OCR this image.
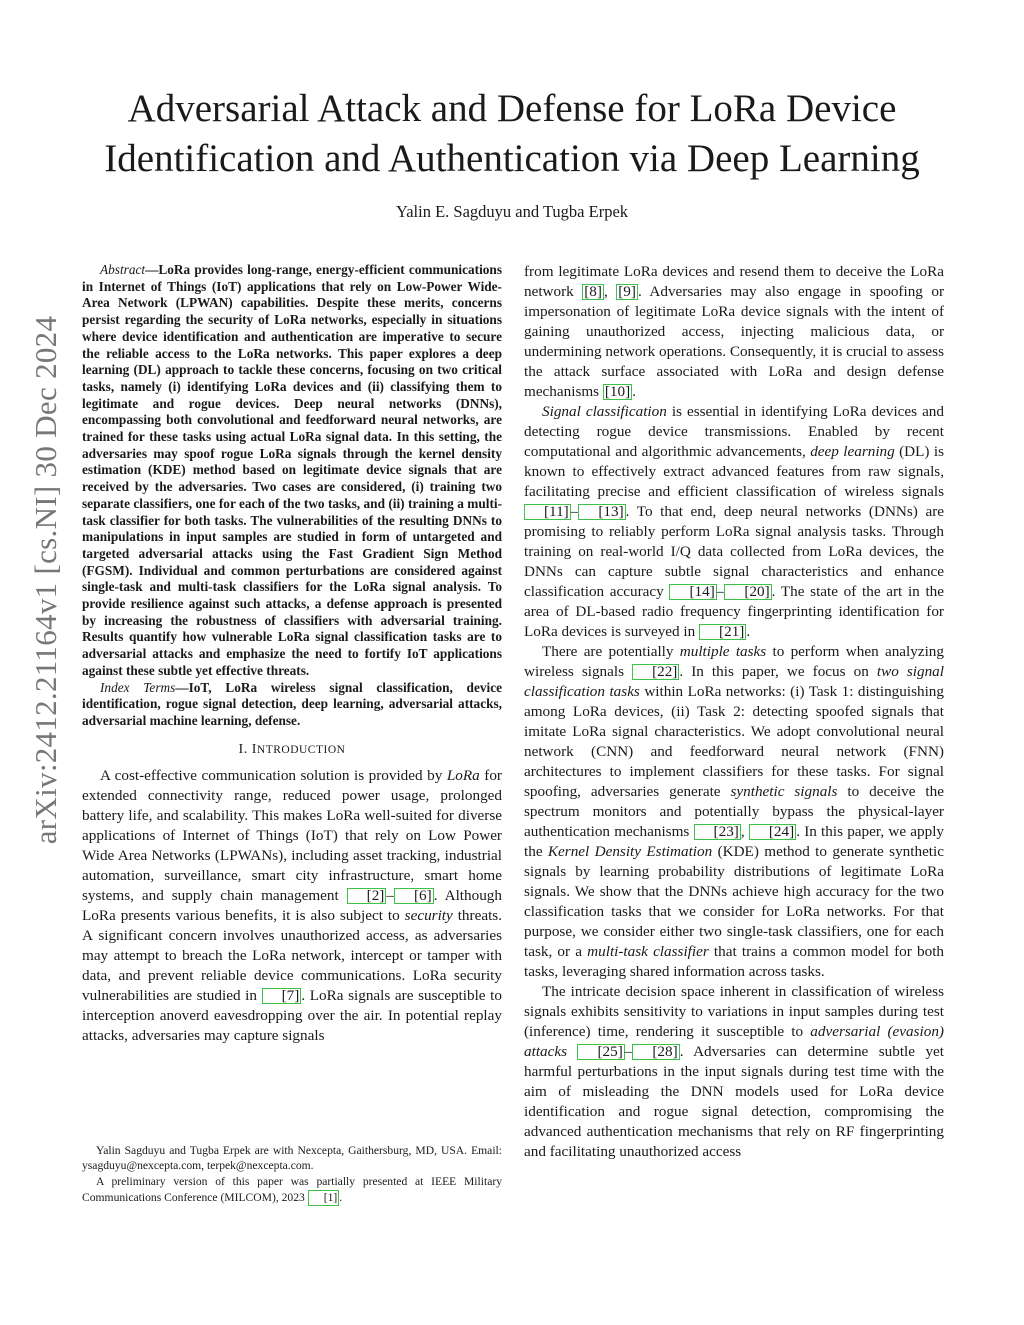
arXiv:2412.21164v1 [cs.NI] 30 Dec 2024
Adversarial Attack and Defense for LoRa Device
Identification and Authentication via Deep Learning
Yalin E. Sagduyu and Tugba Erpek

Abstract—LoRa provides long-range, energy-efficient communications in Internet of Things (IoT) applications that rely on Low-Power Wide-Area Network (LPWAN) capabilities. Despite these merits, concerns persist regarding the security of LoRa networks, especially in situations where device identification and authentication are imperative to secure the reliable access to the LoRa networks. This paper explores a deep learning (DL) approach to tackle these concerns, focusing on two critical tasks, namely (i) identifying LoRa devices and (ii) classifying them to legitimate and rogue devices. Deep neural networks (DNNs), encompassing both convolutional and feedforward neural networks, are trained for these tasks using actual LoRa signal data. In this setting, the adversaries may spoof rogue LoRa signals through the kernel density estimation (KDE) method based on legitimate device signals that are received by the adversaries. Two cases are considered, (i) training two separate classifiers, one for each of the two tasks, and (ii) training a multi-task classifier for both tasks. The vulnerabilities of the resulting DNNs to manipulations in input samples are studied in form of untargeted and targeted adversarial attacks using the Fast Gradient Sign Method (FGSM). Individual and common perturbations are considered against single-task and multi-task classifiers for the LoRa signal analysis. To provide resilience against such attacks, a defense approach is presented by increasing the robustness of classifiers with adversarial training. Results quantify how vulnerable LoRa signal classification tasks are to adversarial attacks and emphasize the need to fortify IoT applications against these subtle yet effective threats.

Index Terms—IoT, LoRa wireless signal classification, device identification, rogue signal detection, deep learning, adversarial attacks, adversarial machine learning, defense.

I. INTRODUCTION

A cost-effective communication solution is provided by LoRa for extended connectivity range, reduced power usage, prolonged battery life, and scalability. This makes LoRa well-suited for diverse applications of Internet of Things (IoT) that rely on Low Power Wide Area Networks (LPWANs), including asset tracking, industrial automation, surveillance, smart city infrastructure, smart home systems, and supply chain management [2] – [6] . Although LoRa presents various benefits, it is also subject to security threats. A significant concern involves unauthorized access, as adversaries may attempt to breach the LoRa network, intercept or tamper with data, and prevent reliable device communications. LoRa security vulnerabilities are studied in [7] . LoRa signals are susceptible to interception anoverd eavesdropping over the air. In potential replay attacks, adversaries may capture signals

Yalin Sagduyu and Tugba Erpek are with Nexcepta, Gaithersburg, MD, USA. Email: ysagduyu@nexcepta.com, terpek@nexcepta.com.

A preliminary version of this paper was partially presented at IEEE Military Communications Conference (MILCOM), 2023 [1] .

from legitimate LoRa devices and resend them to deceive the LoRa network [8] , [9] . Adversaries may also engage in spoofing or impersonation of legitimate LoRa device signals with the intent of gaining unauthorized access, injecting malicious data, or undermining network operations. Consequently, it is crucial to assess the attack surface associated with LoRa and design defense mechanisms [10] .

Signal classification is essential in identifying LoRa devices and detecting rogue device transmissions. Enabled by recent computational and algorithmic advancements, deep learning (DL) is known to effectively extract advanced features from raw signals, facilitating precise and efficient classification of wireless signals [11] – [13] . To that end, deep neural networks (DNNs) are promising to reliably perform LoRa signal analysis tasks. Through training on real-world I/Q data collected from LoRa devices, the DNNs can capture subtle signal characteristics and enhance classification accuracy [14] – [20] . The state of the art in the area of DL-based radio frequency fingerprinting identification for LoRa devices is surveyed in [21] .

There are potentially multiple tasks to perform when analyzing wireless signals [22] . In this paper, we focus on two signal classification tasks within LoRa networks: (i) Task 1: distinguishing among LoRa devices, (ii) Task 2: detecting spoofed signals that imitate LoRa signal characteristics. We adopt convolutional neural network (CNN) and feedforward neural network (FNN) architectures to implement classifiers for these tasks. For signal spoofing, adversaries generate synthetic signals to deceive the spectrum monitors and potentially bypass the physical-layer authentication mechanisms [23] , [24] . In this paper, we apply the Kernel Density Estimation (KDE) method to generate synthetic signals by learning probability distributions of legitimate LoRa signals. We show that the DNNs achieve high accuracy for the two classification tasks that we consider for LoRa networks. For that purpose, we consider either two single-task classifiers, one for each task, or a multi-task classifier that trains a common model for both tasks, leveraging shared information across tasks.

The intricate decision space inherent in classification of wireless signals exhibits sensitivity to variations in input samples during test (inference) time, rendering it susceptible to adversarial (evasion) attacks [25] – [28] . Adversaries can determine subtle yet harmful perturbations in the input signals during test time with the aim of misleading the DNN models used for LoRa device identification and rogue signal detection, compromising the advanced authentication mechanisms that rely on RF fingerprinting and facilitating unauthorized access
